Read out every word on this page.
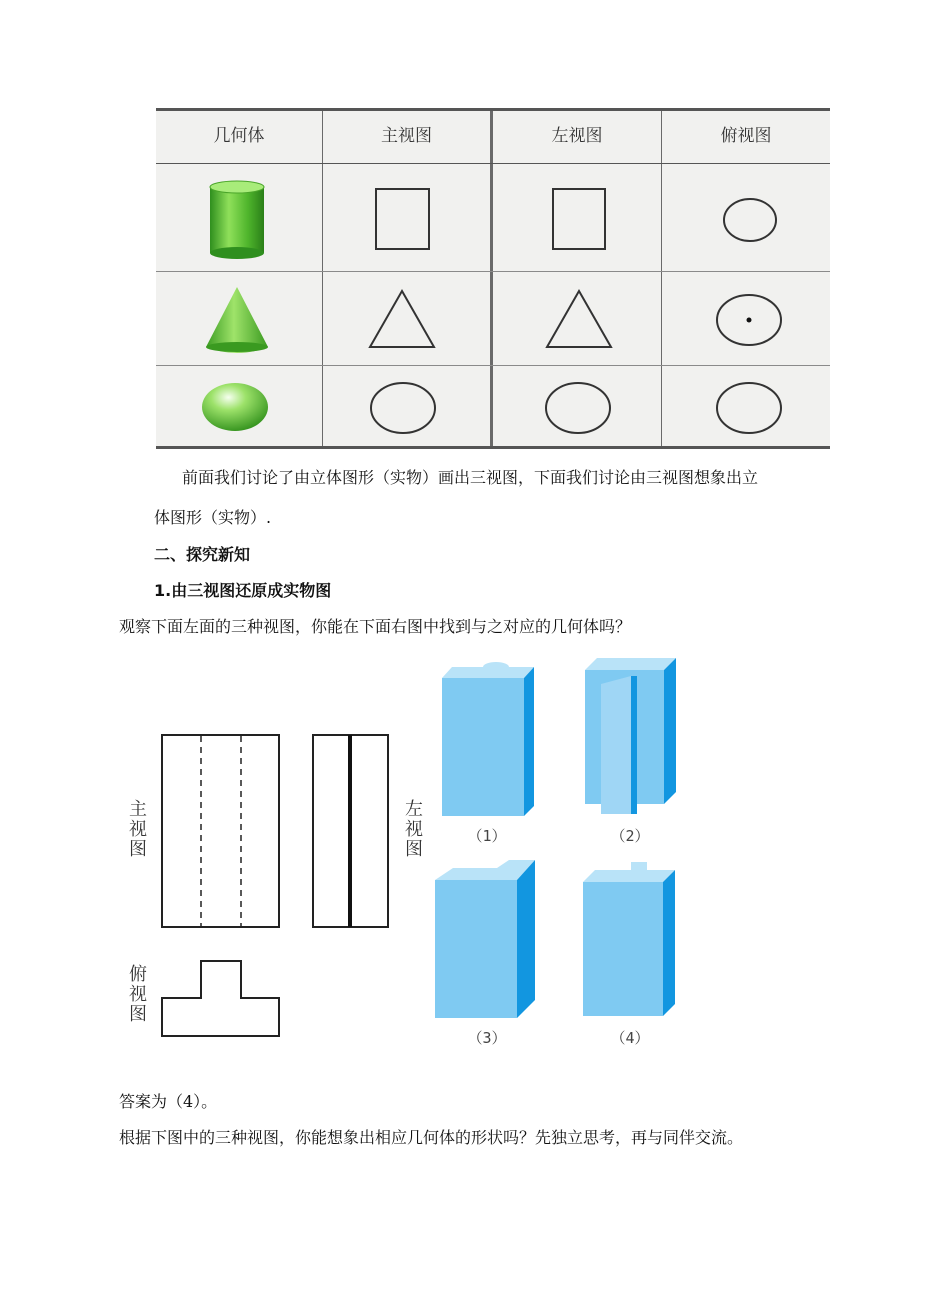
几何体	主视图	左视图	俯视图
前面我们讨论了由立体图形（实物）画出三视图，下面我们讨论由三视图想象出立
体图形（实物）.
二、探究新知
1.由三视图还原成实物图
观察下面左面的三种视图，你能在下面右图中找到与之对应的几何体吗？
主视图
左视图
俯视图
（1）	（2）
（3）	（4）
答案为（4）。
根据下图中的三种视图，你能想象出相应几何体的形状吗？先独立思考，再与同伴交流。
